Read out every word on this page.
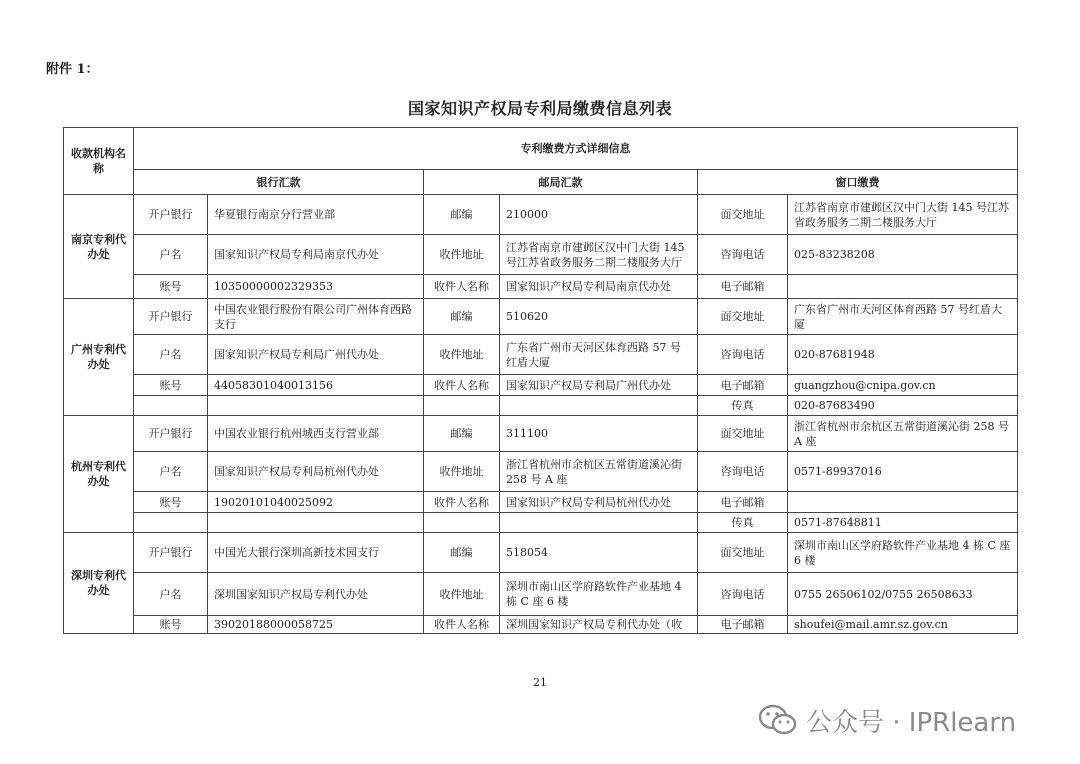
附件 1：
国家知识产权局专利局缴费信息列表
收款机构名称	专利缴费方式详细信息					
	银行汇款		邮局汇款		窗口缴费	
南京专利代办处	开户银行	华夏银行南京分行营业部	邮编	210000	面交地址	江苏省南京市建邺区汉中门大街 145 号江苏省政务服务二期二楼服务大厅
	户名	国家知识产权局专利局南京代办处	收件地址	江苏省南京市建邺区汉中门大街 145 号江苏省政务服务二期二楼服务大厅	咨询电话	025-83238208
	账号	10350000002329353	收件人名称	国家知识产权局专利局南京代办处	电子邮箱	
广州专利代办处	开户银行	中国农业银行股份有限公司广州体育西路支行	邮编	510620	面交地址	广东省广州市天河区体育西路 57 号红盾大厦
	户名	国家知识产权局专利局广州代办处	收件地址	广东省广州市天河区体育西路 57 号红盾大厦	咨询电话	020-87681948
	账号	44058301040013156	收件人名称	国家知识产权局专利局广州代办处	电子邮箱	guangzhou@cnipa.gov.cn
					传真	020-87683490
杭州专利代办处	开户银行	中国农业银行杭州城西支行营业部	邮编	311100	面交地址	浙江省杭州市余杭区五常街道溪沁街 258 号 A 座
	户名	国家知识产权局专利局杭州代办处	收件地址	浙江省杭州市余杭区五常街道溪沁街 258 号 A 座	咨询电话	0571-89937016
	账号	19020101040025092	收件人名称	国家知识产权局专利局杭州代办处	电子邮箱	
					传真	0571-87648811
深圳专利代办处	开户银行	中国光大银行深圳高新技术园支行	邮编	518054	面交地址	深圳市南山区学府路软件产业基地 4 栋 C 座 6 楼
	户名	深圳国家知识产权局专利代办处	收件地址	深圳市南山区学府路软件产业基地 4 栋 C 座 6 楼	咨询电话	0755 26506102/0755 26508633
	账号	39020188000058725	收件人名称	深圳国家知识产权局专利代办处（收	电子邮箱	shoufei@mail.amr.sz.gov.cn
21
公众号 · IPRlearn
